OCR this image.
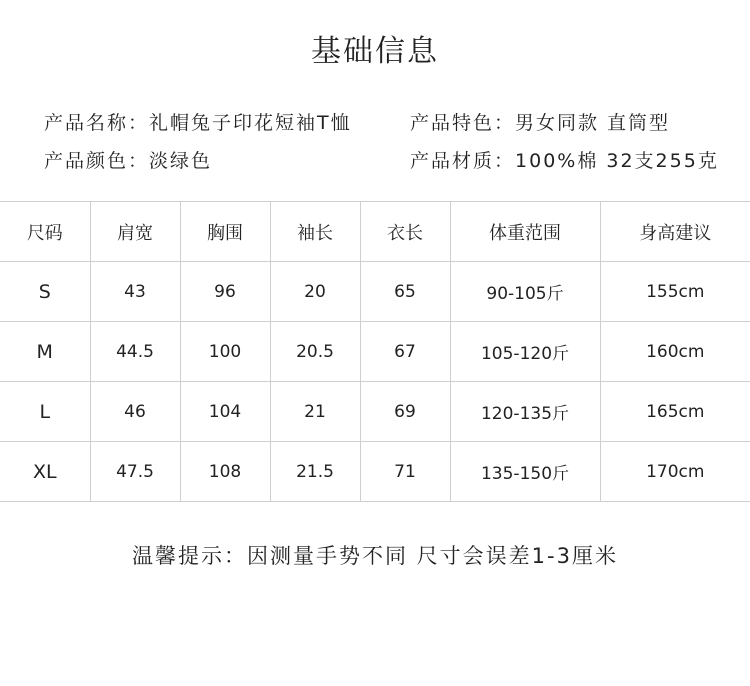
基础信息
产品名称：礼帽兔子印花短袖T恤	产品特色：男女同款 直筒型
产品颜色：淡绿色	产品材质：100%棉 32支255克
尺码	肩宽	胸围	袖长	衣长	体重范围	身高建议
S	43	96	20	65	90-105斤	155cm
M	44.5	100	20.5	67	105-120斤	160cm
L	46	104	21	69	120-135斤	165cm
XL	47.5	108	21.5	71	135-150斤	170cm
温馨提示：因测量手势不同 尺寸会误差1-3厘米
